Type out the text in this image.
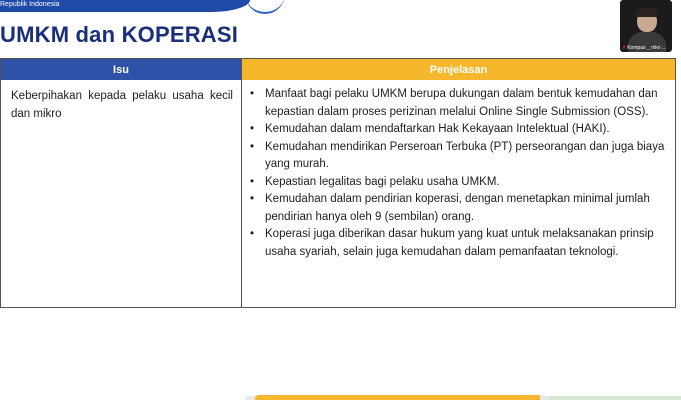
Republik Indonesia
UMKM dan KOPERASI
✗Kompas _ mkn ...
Isu	Penjelasan
Keberpihakan kepada pelaku usaha kecil dan mikro
• Manfaat bagi pelaku UMKM berupa dukungan dalam bentuk kemudahan dan kepastian dalam proses perizinan melalui Online Single Submission (OSS).
• Kemudahan dalam mendaftarkan Hak Kekayaan Intelektual (HAKI).
• Kemudahan mendirikan Perseroan Terbuka (PT) perseorangan dan juga biaya yang murah.
• Kepastian legalitas bagi pelaku usaha UMKM.
• Kemudahan dalam pendirian koperasi, dengan menetapkan minimal jumlah pendirian hanya oleh 9 (sembilan) orang.
• Koperasi juga diberikan dasar hukum yang kuat untuk melaksanakan prinsip usaha syariah, selain juga kemudahan dalam pemanfaatan teknologi.
